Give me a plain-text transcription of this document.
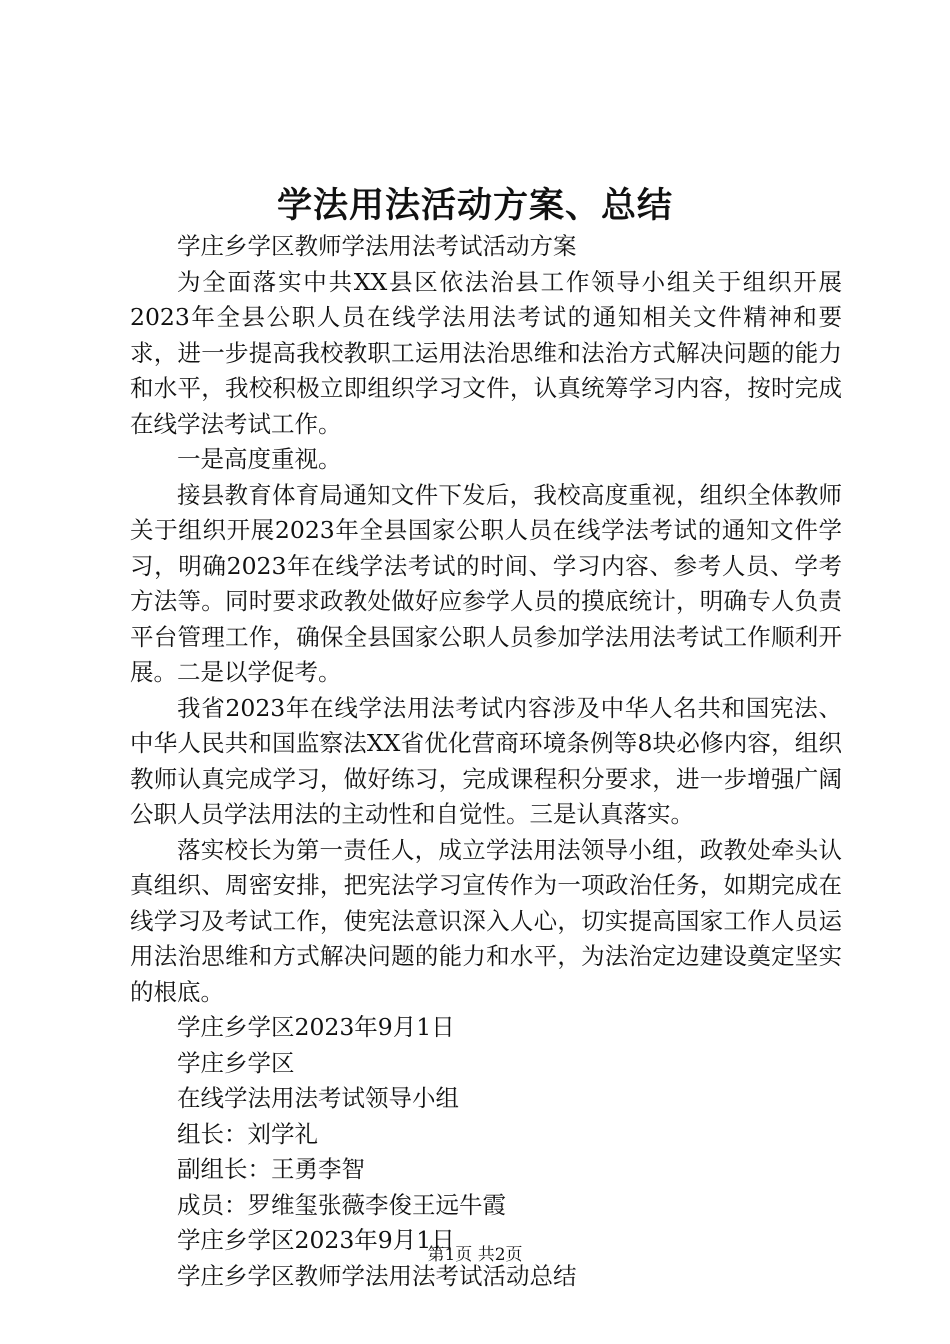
学法用法活动方案、总结

学庄乡学区教师学法用法考试活动方案

为全面落实中共XX县区依法治县工作领导小组关于组织开展2023年全县公职人员在线学法用法考试的通知相关文件精神和要求，进一步提高我校教职工运用法治思维和法治方式解决问题的能力和水平，我校积极立即组织学习文件，认真统筹学习内容，按时完成在线学法考试工作。

一是高度重视。

接县教育体育局通知文件下发后，我校高度重视，组织全体教师关于组织开展2023年全县国家公职人员在线学法考试的通知文件学习，明确2023年在线学法考试的时间、学习内容、参考人员、学考方法等。同时要求政教处做好应参学人员的摸底统计，明确专人负责平台管理工作，确保全县国家公职人员参加学法用法考试工作顺利开展。二是以学促考。

我省2023年在线学法用法考试内容涉及中华人名共和国宪法、中华人民共和国监察法XX省优化营商环境条例等8块必修内容，组织教师认真完成学习，做好练习，完成课程积分要求，进一步增强广阔公职人员学法用法的主动性和自觉性。三是认真落实。

落实校长为第一责任人，成立学法用法领导小组，政教处牵头认真组织、周密安排，把宪法学习宣传作为一项政治任务，如期完成在线学习及考试工作，使宪法意识深入人心，切实提高国家工作人员运用法治思维和方式解决问题的能力和水平，为法治定边建设奠定坚实的根底。

学庄乡学区2023年9月1日

学庄乡学区

在线学法用法考试领导小组

组长：刘学礼

副组长：王勇李智

成员：罗维玺张薇李俊王远牛霞

学庄乡学区2023年9月1日

学庄乡学区教师学法用法考试活动总结

第1页 共2页
